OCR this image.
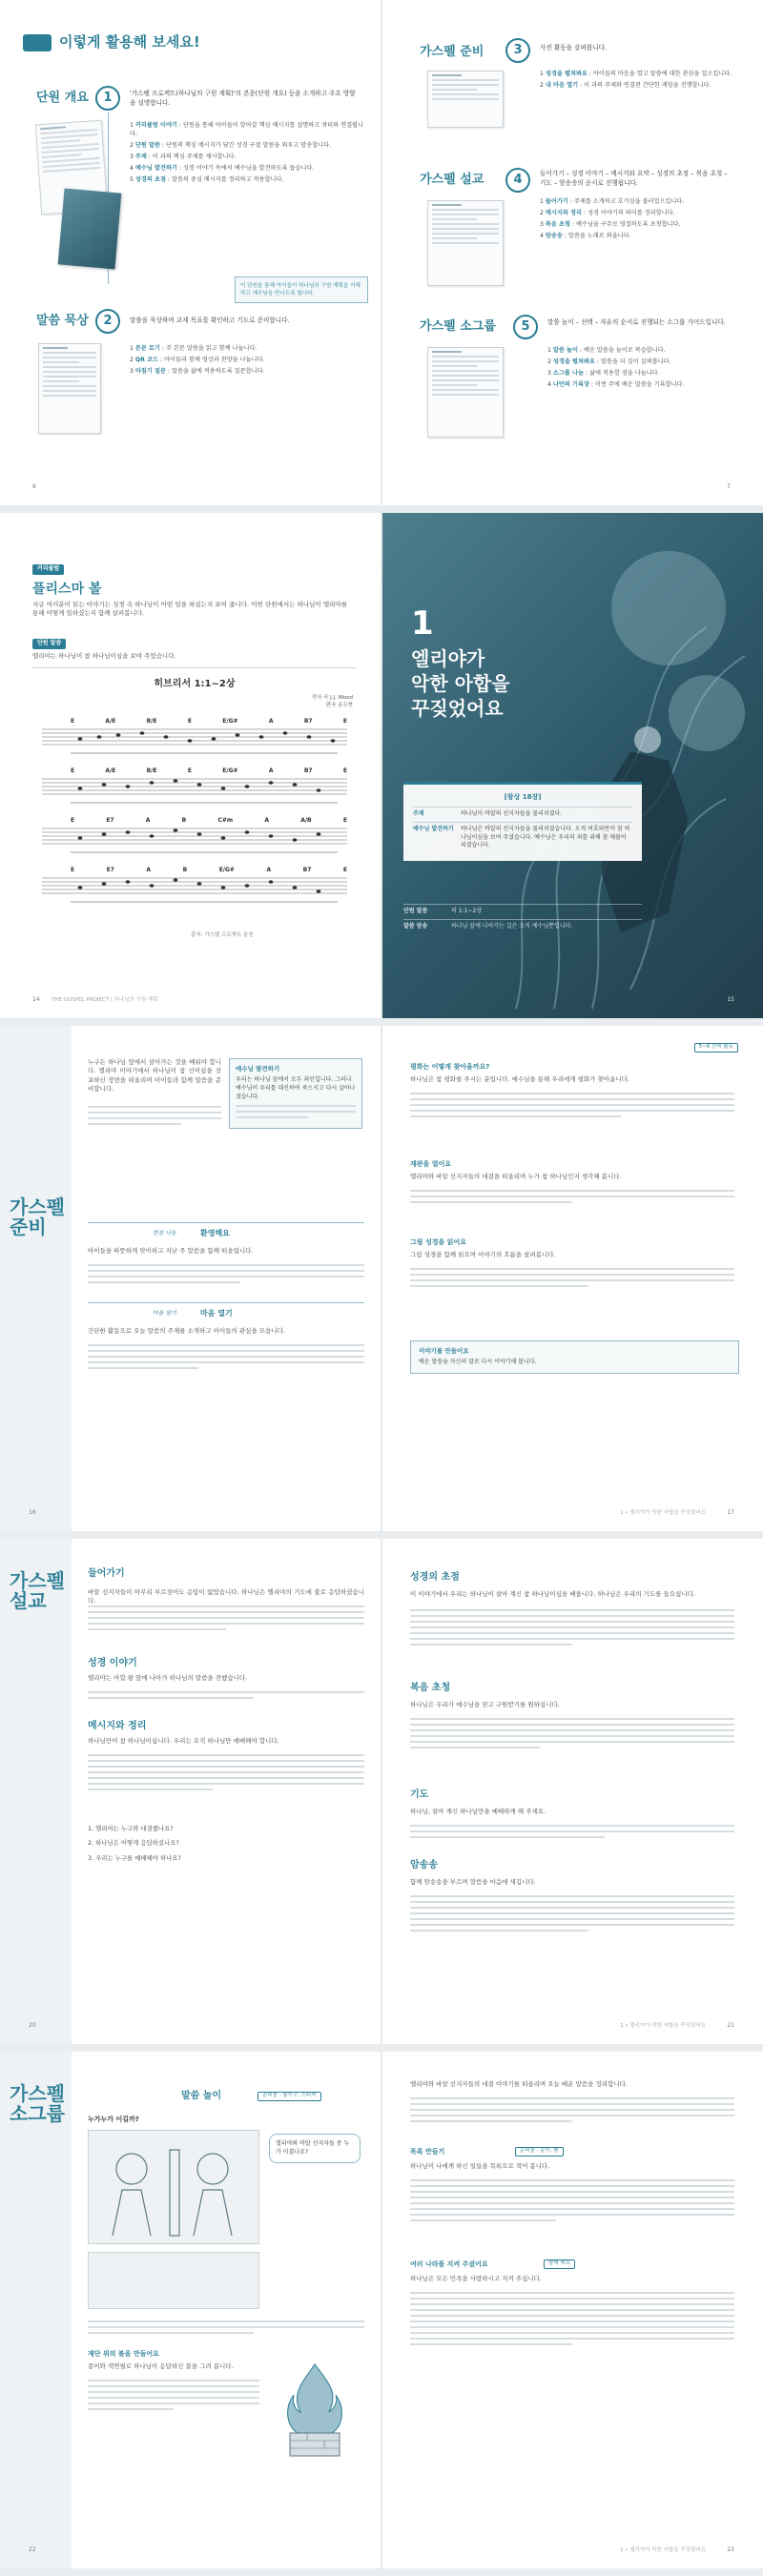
이렇게 활용해 보세요!
단원 개요	1	'가스펠 프로젝트(하나님의 구원 계획)'의 본문(단원 개요) 등을 소개하고 주요 방향을 설명합니다.
1 커리큘럼 이야기 : 단원을 통해 아이들이 알아갈 핵심 메시지를 설명하고 큐티와 연결됩니다.
2 단원 말씀 : 단원의 핵심 메시지가 담긴 성경 구절 말씀을 외우고 암송합니다.
3 주제 : 이 과의 핵심 주제를 제시합니다.
4 예수님 발견하기 : 성경 이야기 속에서 예수님을 발견하도록 돕습니다.
5 성경의 초점 : 말씀의 중심 메시지를 정리하고 적용합니다.
이 단원을 통해 아이들이 하나님의 구원 계획을 이해하고 예수님을 만나도록 합니다.
말씀 묵상	2	말씀을 묵상하며 교재 목표를 확인하고 기도로 준비합니다.
1 본문 토기 : 주 본문 말씀을 읽고 함께 나눕니다.
2 QR 코드 : 아이들과 함께 영상과 찬양을 나눕니다.
3 마침기 질문 : 말씀을 삶에 적용하도록 질문합니다.
6
가스펠 준비	3	사전 활동을 살펴봅니다.
1 성경을 펼쳐봐요 : 아이들의 마음을 열고 말씀에 대한 관심을 일으킵니다.
2 내 마음 열기 : 이 과의 주제와 연결된 간단한 게임을 진행합니다.
가스펠 설교	4	들어가기 – 성경 이야기 – 메시지와 요약 – 성경의 초점 – 복음 초청 – 기도 – 암송송의 순서로 진행됩니다.
1 들어가기 : 주제를 소개하고 호기심을 불러일으킵니다.
2 메시지와 정리 : 성경 이야기의 의미를 정리합니다.
3 복음 초청 : 예수님을 구주로 영접하도록 초청합니다.
4 암송송 : 말씀을 노래로 외웁니다.
가스펠 소그룹	5	말씀 놀이 – 선택 – 자유의 순서로 진행되는 소그룹 가이드입니다.
1 말씀 놀이 : 배운 말씀을 놀이로 복습합니다.
2 성경을 펼쳐봐요 : 말씀을 더 깊이 살펴봅니다.
3 소그룹 나눔 : 삶에 적용할 점을 나눕니다.
4 나만의 기록장 : 이번 주에 배운 말씀을 기록합니다.
7
커리큘럼
플리스마 볼
지금 여러분이 읽는 이야기는 성경 속 하나님이 어떤 일을 하셨는지 보여 줍니다. 이번 단원에서는 하나님이 엘리야를 통해 어떻게 일하셨는지 함께 살펴봅니다.
단원 말씀
엘리야는 하나님이 참 하나님이심을 보여 주었습니다.
히브리서 1:1~2상
작사·곡 J.J. Wood
편곡 송우현
E	A/E	B/E	E	E/G#	A	B7	E
E	A/E	B/E	E	E/G#	A	B7	E
E	E7	A	B	C#m	A	A/B	E
E	E7	A	B	E/G#	A	B7	E
출처: 가스펠 프로젝트 음원
14 THE GOSPEL PROJECT | 하나님의 구원 계획
1
엘리야가
악한 아합을
꾸짖었어요
[왕상 18장]
주제	하나님이 바알의 선지자들을 물리치셨다.
예수님 발견하기	하나님은 바알의 선지자들을 물리치셨습니다. 오직 여호와만이 참 하나님이심을 보여 주셨습니다. 예수님은 우리의 죄를 위해 참 제물이 되셨습니다.
단원 말씀	히 1:1~2상
말씀 암송	하나님 앞에 나아가는 길은 오직 예수님뿐입니다.
15
가스펠
준비
누구든 하나님 앞에서 살아가는 것을 배워야 합니다. 엘리야 이야기에서 하나님이 참 신이심을 선포하신 장면을 떠올리며 아이들과 함께 말씀을 준비합니다.
예수님 발견하기
우리는 하나님 앞에서 모두 죄인입니다. 그러나 예수님이 우리를 대신하여 죽으시고 다시 살아나셨습니다.
한참 나눔	환영해요
아이들을 따뜻하게 맞이하고 지난 주 말씀을 함께 떠올립니다.
마음 열기	마음 열기
간단한 활동으로 오늘 말씀의 주제를 소개하고 아이들의 관심을 모읍니다.
16
5~6 선택 활동
평화는 어떻게 찾아올까요?
하나님은 참 평화를 주시는 분입니다. 예수님을 통해 우리에게 평화가 찾아옵니다.
재판을 열어요
엘리야와 바알 선지자들의 대결을 떠올리며 누가 참 하나님인지 생각해 봅니다.
그림 성경을 읽어요
그림 성경을 함께 읽으며 이야기의 흐름을 살펴봅니다.
이야기를 만들어요
배운 말씀을 자신의 말로 다시 이야기해 봅니다.
17
1 • 엘리야가 악한 아합을 꾸짖었어요
가스펠
설교
들어가기
바알 선지자들이 아무리 부르짖어도 응답이 없었습니다. 하나님은 엘리야의 기도에 불로 응답하셨습니다.
성경 이야기
엘리야는 아합 왕 앞에 나아가 하나님의 말씀을 전했습니다.
메시지와 정리
하나님만이 참 하나님이십니다. 우리는 오직 하나님만 예배해야 합니다.
1. 엘리야는 누구와 대결했나요?
2. 하나님은 어떻게 응답하셨나요?
3. 우리는 누구를 예배해야 하나요?
20
성경의 초점
이 이야기에서 우리는 하나님이 살아 계신 참 하나님이심을 배웁니다. 하나님은 우리의 기도를 들으십니다.
복음 초청
하나님은 우리가 예수님을 믿고 구원받기를 원하십니다.
기도
하나님, 살아 계신 하나님만을 예배하게 해 주세요.
암송송
함께 암송송을 부르며 말씀을 마음에 새깁니다.
21
1 • 엘리야가 악한 아합을 꾸짖었어요
가스펠
소그룹
말씀 놀이	준비물 · 필기구, 스티커
누가누가 이길까?
엘리야와 바알 선지자들 중 누가 이겼나요?
제단 위의 불을 만들어요
종이와 색연필로 하나님이 응답하신 불을 그려 봅니다.
22
엘리야와 바알 선지자들의 대결 이야기를 떠올리며 오늘 배운 말씀을 정리합니다.
목록 만들기	준비물 · 종이, 펜
하나님이 나에게 하신 일들을 목록으로 적어 봅니다.
여러 나라를 지켜 주셨어요	함께 해요
하나님은 모든 민족을 사랑하시고 지켜 주십니다.
23
1 • 엘리야가 악한 아합을 꾸짖었어요
